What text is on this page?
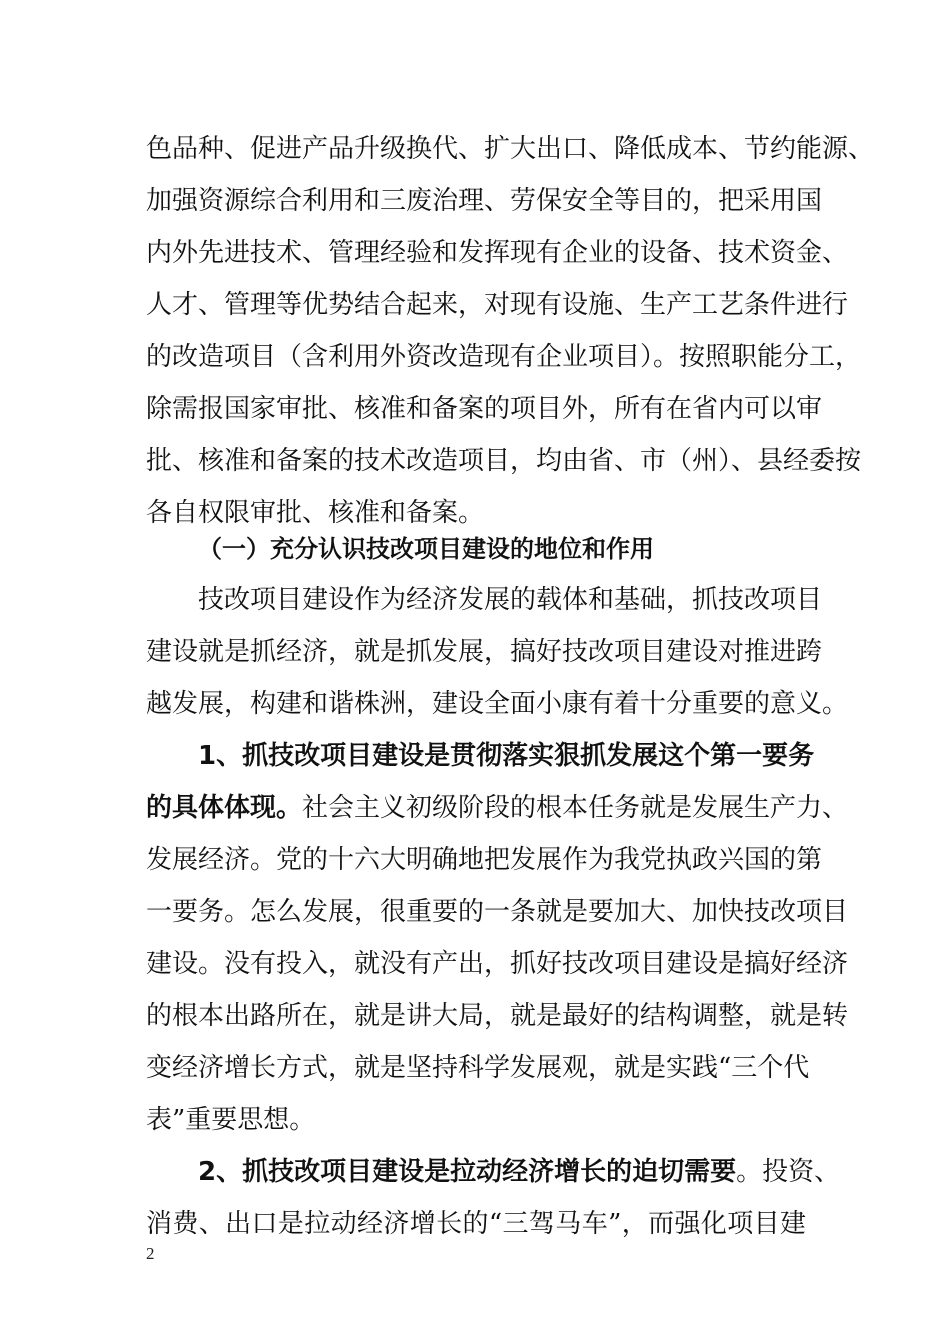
色品种、促进产品升级换代、扩大出口、降低成本、节约能源、
加强资源综合利用和三废治理、劳保安全等目的，把采用国
内外先进技术、管理经验和发挥现有企业的设备、技术资金、
人才、管理等优势结合起来，对现有设施、生产工艺条件进行
的改造项目（含利用外资改造现有企业项目）。按照职能分工，
除需报国家审批、核准和备案的项目外，所有在省内可以审
批、核准和备案的技术改造项目，均由省、市（州）、县经委按
各自权限审批、核准和备案。
（一）充分认识技改项目建设的地位和作用
技改项目建设作为经济发展的载体和基础，抓技改项目
建设就是抓经济，就是抓发展，搞好技改项目建设对推进跨
越发展，构建和谐株洲，建设全面小康有着十分重要的意义。
1、抓技改项目建设是贯彻落实狠抓发展这个第一要务
的具体体现。社会主义初级阶段的根本任务就是发展生产力、
发展经济。党的十六大明确地把发展作为我党执政兴国的第
一要务。怎么发展，很重要的一条就是要加大、加快技改项目
建设。没有投入，就没有产出，抓好技改项目建设是搞好经济
的根本出路所在，就是讲大局，就是最好的结构调整，就是转
变经济增长方式，就是坚持科学发展观，就是实践“三个代
表”重要思想。
2、抓技改项目建设是拉动经济增长的迫切需要。投资、
消费、出口是拉动经济增长的“三驾马车”，而强化项目建
2
